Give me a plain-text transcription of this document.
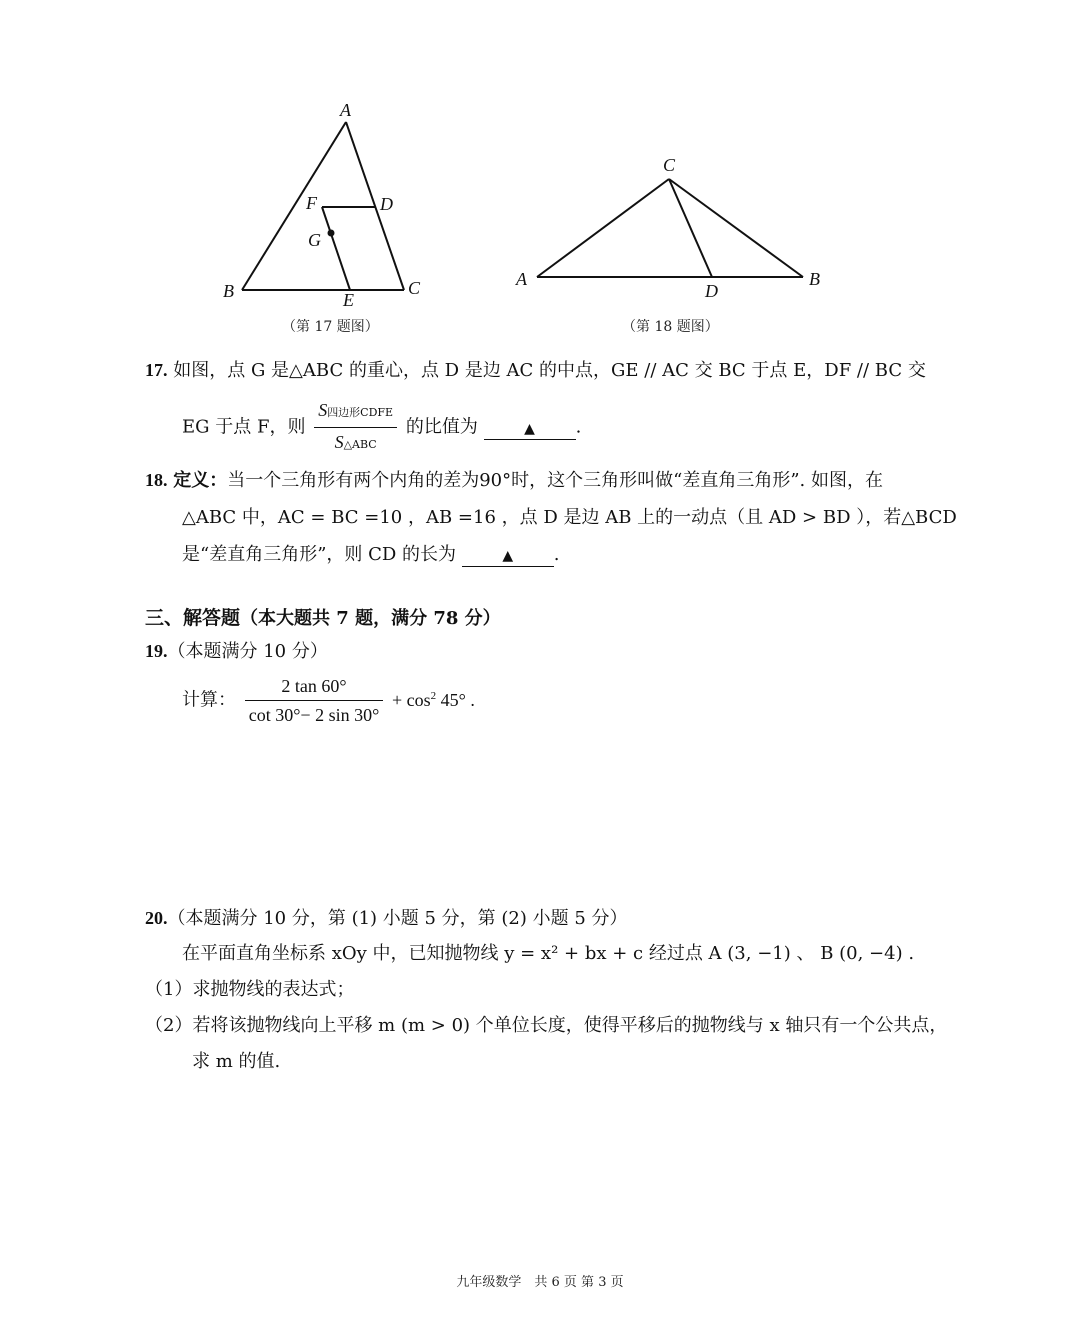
A
B	C
D
E
F
G
A	B
C
D
（第 17 题图）	（第 18 题图）
17. 如图，点 G 是△ABC 的重心，点 D 是边 AC 的中点，GE // AC 交 BC 于点 E，DF // BC 交
EG 于点 F，则 $\frac{\text{S四边形CDFE}}{\text{S△ABC}}$ 的比值为	▲ .
18. 定义：当一个三角形有两个内角的差为90°时，这个三角形叫做“差直角三角形”. 如图，在
△ABC 中，AC = BC =10 ，AB =16 ，点 D 是边 AB 上的一动点（且 AD > BD ），若△BCD
是“差直角三角形”，则 CD 的长为	▲ .
三、解答题（本大题共 7 题，满分 78 分）
19.（本题满分 10 分）
计算： $\frac{2 \tan 60^\circ}{\cot 30^\circ- 2 \sin 30^\circ} + \cos^2 45^\circ$ .
20.（本题满分 10 分，第 (1) 小题 5 分，第 (2) 小题 5 分）
在平面直角坐标系 xOy 中，已知抛物线 y = x² + bx + c 经过点 A (3, −1) 、 B (0, −4) .
（1）求抛物线的表达式；
（2）若将该抛物线向上平移 m (m > 0) 个单位长度，使得平移后的抛物线与 x 轴只有一个公共点，
求 m 的值.
九年级数学　共 6 页 第 3 页
